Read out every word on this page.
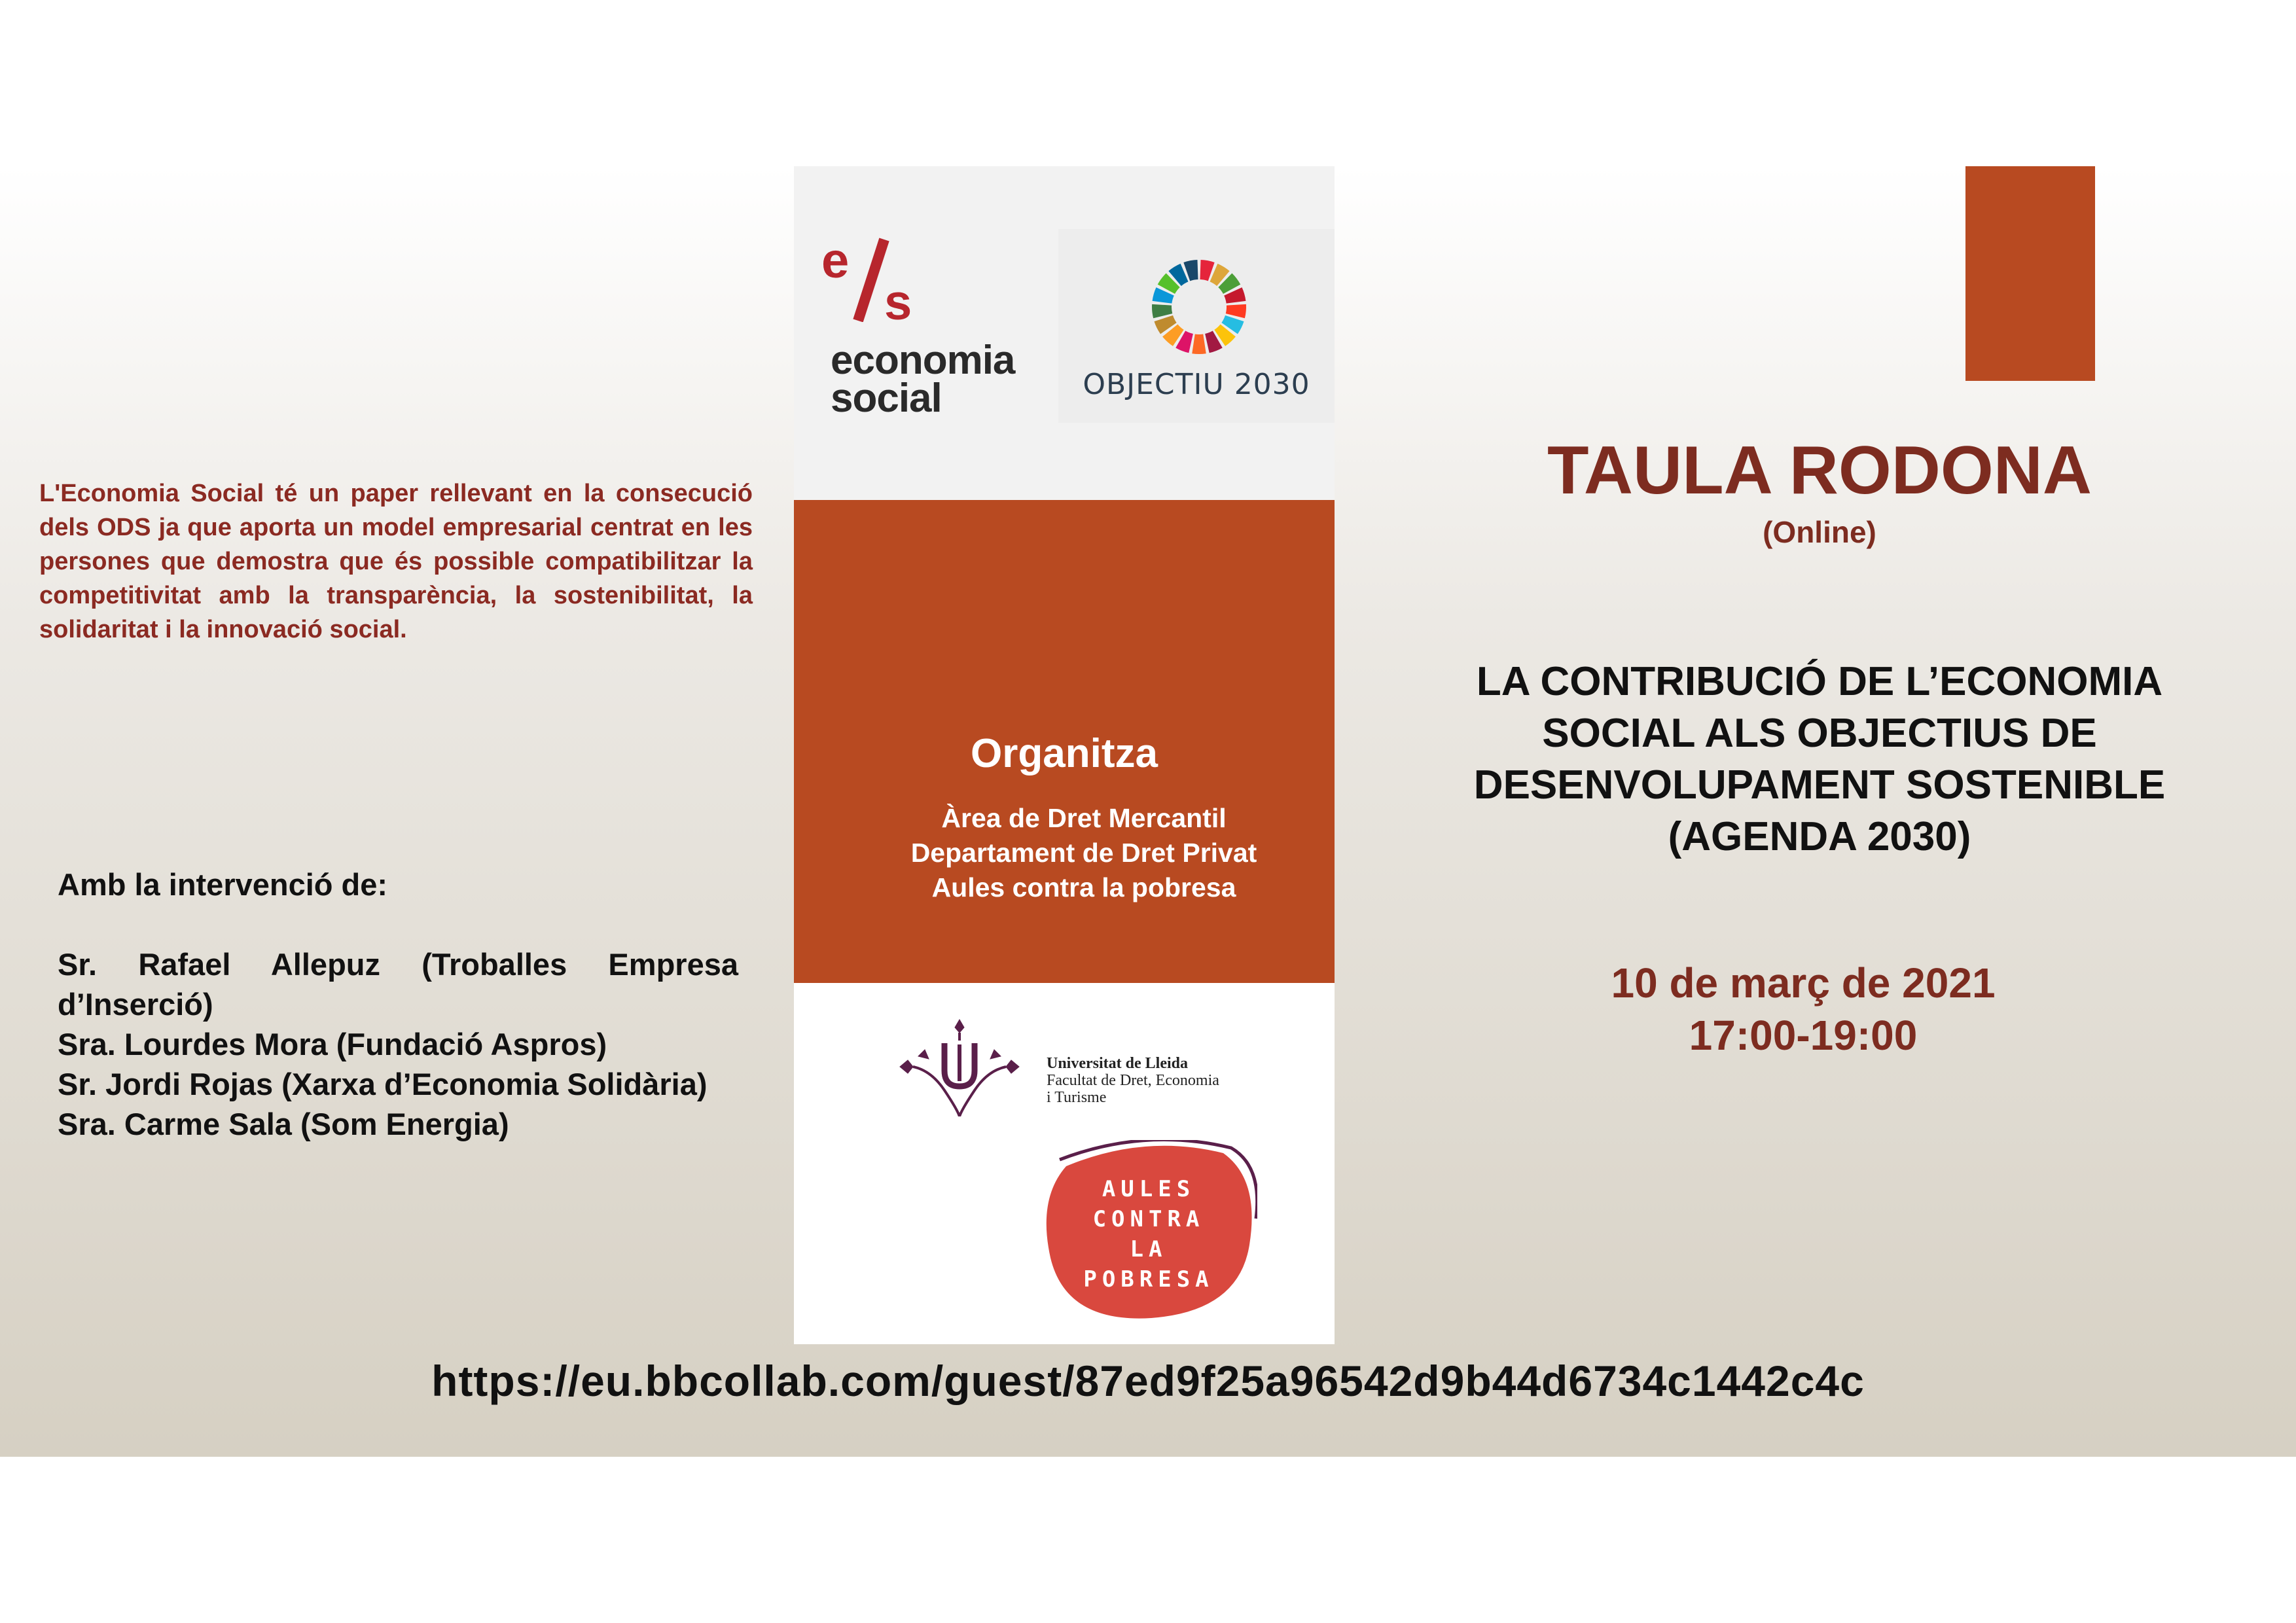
L'Economia Social té un paper rellevant en la consecució dels ODS ja que aporta un model empresarial centrat en les persones que demostra que és possible compatibilitzar la competitivitat amb la transparència, la sostenibilitat, la solidaritat i la innovació social.

Amb la intervenció de:
Sr. Rafael Allepuz (Troballes Empresa d’Inserció)
Sra. Lourdes Mora (Fundació Aspros)
Sr. Jordi Rojas (Xarxa d’Economia Solidària)
Sra. Carme Sala (Som Energia)
e
s
economia
social	OBJECTIU 2030
Organitza
Àrea de Dret Mercantil
Departament de Dret Privat
Aules contra la pobresa
Universitat de Lleida
Facultat de Dret, Economia
i Turisme
AULES
CONTRA
LA
POBRESA
TAULA RODONA
(Online)
LA CONTRIBUCIÓ DE L’ECONOMIA
SOCIAL ALS OBJECTIUS DE
DESENVOLUPAMENT SOSTENIBLE
(AGENDA 2030)
10 de març de 2021
17:00-19:00
https://eu.bbcollab.com/guest/87ed9f25a96542d9b44d6734c1442c4c
